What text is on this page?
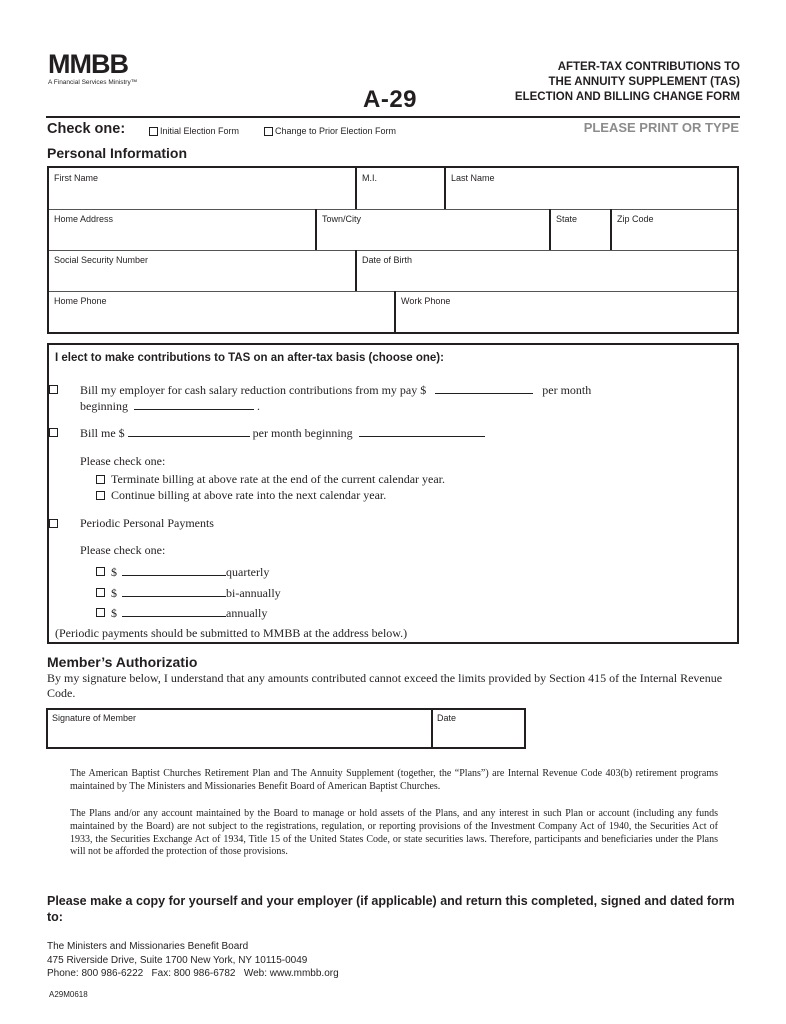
MMBB
A Financial Services Ministry™
A-29
AFTER-TAX CONTRIBUTIONS TO
THE ANNUITY SUPPLEMENT (TAS)
ELECTION AND BILLING CHANGE FORM
Check one:	Initial Election Form	Change to Prior Election Form	PLEASE PRINT OR TYPE
Personal Information
First Name	M.I.	Last Name
Home Address	Town/City	State	Zip Code
Social Security Number	Date of Birth
Home Phone	Work Phone
I elect to make contributions to TAS on an after-tax basis (choose one):
Bill my employer for cash salary reduction contributions from my pay $	per month
beginning	.
Bill me $	per month beginning
Please check one:
Terminate billing at above rate at the end of the current calendar year.
Continue billing at above rate into the next calendar year.
Periodic Personal Payments
Please check one:
$	quarterly
$	bi-annually
$	annually
(Periodic payments should be submitted to MMBB at the address below.)
Member’s Authorizatio
By my signature below, I understand that any amounts contributed cannot exceed the limits provided by Section 415 of the Internal Revenue Code.
Signature of Member	Date
The American Baptist Churches Retirement Plan and The Annuity Supplement (together, the “Plans”) are Internal Revenue Code 403(b) retirement programs maintained by The Ministers and Missionaries Benefit Board of American Baptist Churches.
The Plans and/or any account maintained by the Board to manage or hold assets of the Plans, and any interest in such Plan or account (including any funds maintained by the Board) are not subject to the registrations, regulation, or reporting provisions of the Investment Company Act of 1940, the Securities Act of 1933, the Securities Exchange Act of 1934, Title 15 of the United States Code, or state securities laws. Therefore, participants and beneficiaries under the Plans will not be afforded the protection of those provisions.
Please make a copy for yourself and your employer (if applicable) and return this completed, signed and dated form to:
The Ministers and Missionaries Benefit Board
475 Riverside Drive, Suite 1700 New York, NY 10115-0049
Phone: 800 986-6222   Fax: 800 986-6782   Web: www.mmbb.org
A29M0618
